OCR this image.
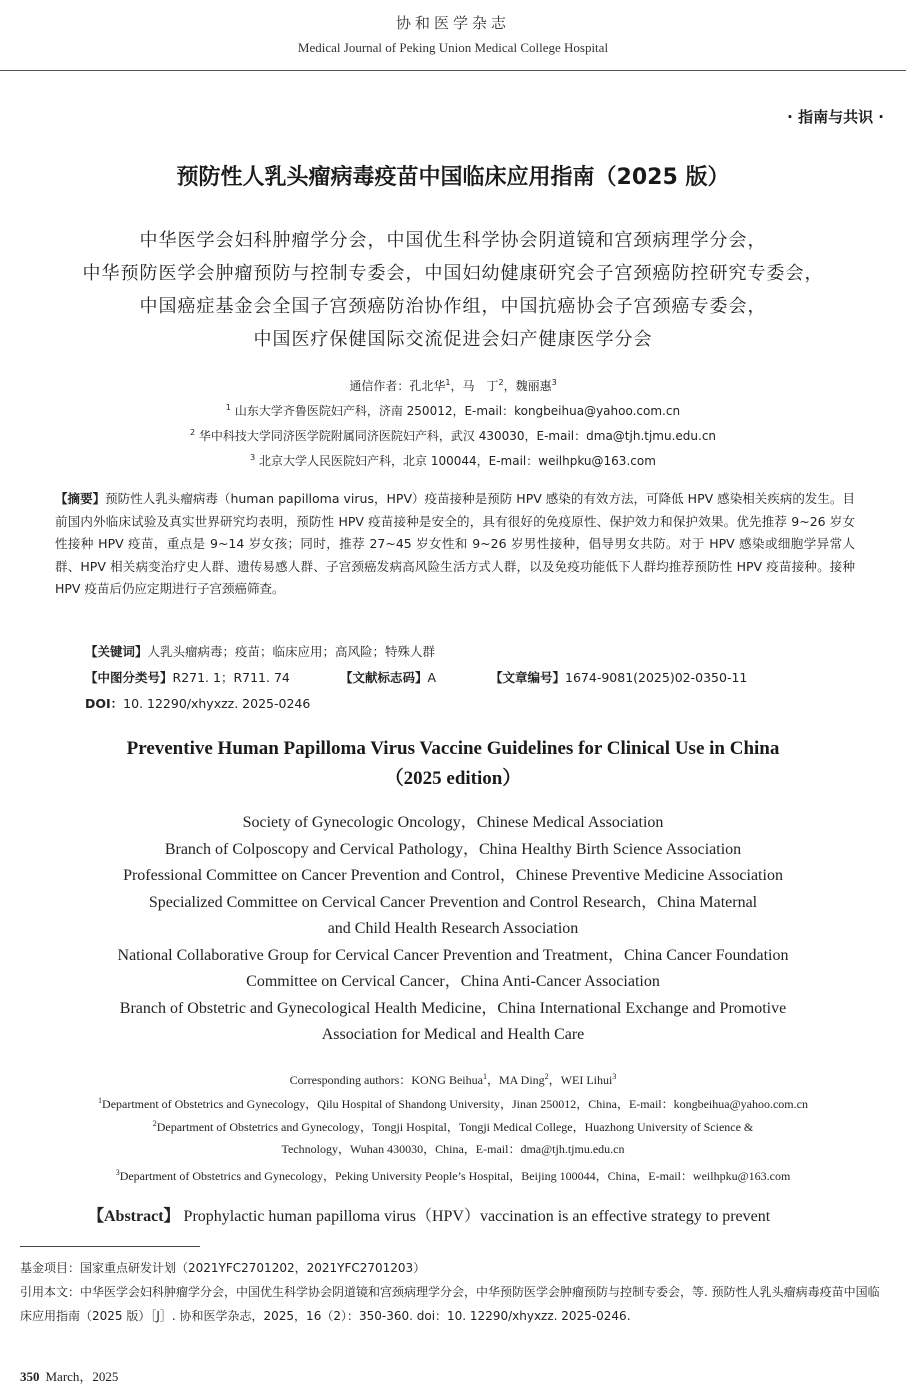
协和医学杂志
Medical Journal of Peking Union Medical College Hospital
· 指南与共识 ·
预防性人乳头瘤病毒疫苗中国临床应用指南（2025 版）
中华医学会妇科肿瘤学分会，中国优生科学协会阴道镜和宫颈病理学分会，
中华预防医学会肿瘤预防与控制专委会，中国妇幼健康研究会子宫颈癌防控研究专委会，
中国癌症基金会全国子宫颈癌防治协作组，中国抗癌协会子宫颈癌专委会，
中国医疗保健国际交流促进会妇产健康医学分会
通信作者：孔北华$^1$，马　丁$^2$，魏丽惠$^3$
$^1$ 山东大学齐鲁医院妇产科，济南 250012，E-mail：kongbeihua@yahoo.com.cn
$^2$ 华中科技大学同济医学院附属同济医院妇产科，武汉 430030，E-mail：dma@tjh.tjmu.edu.cn
$^3$ 北京大学人民医院妇产科，北京 100044，E-mail：weilhpku@163.com
【摘要】预防性人乳头瘤病毒（human papilloma virus，HPV）疫苗接种是预防 HPV 感染的有效方法，可降低 HPV 感染相关疾病的发生。目前国内外临床试验及真实世界研究均表明，预防性 HPV 疫苗接种是安全的，具有很好的免疫原性、保护效力和保护效果。优先推荐 9~26 岁女性接种 HPV 疫苗，重点是 9~14 岁女孩；同时，推荐 27~45 岁女性和 9~26 岁男性接种，倡导男女共防。对于 HPV 感染或细胞学异常人群、HPV 相关病变治疗史人群、遗传易感人群、子宫颈癌发病高风险生活方式人群，以及免疫功能低下人群均推荐预防性 HPV 疫苗接种。接种 HPV 疫苗后仍应定期进行子宫颈癌筛查。
【关键词】人乳头瘤病毒；疫苗；临床应用；高风险；特殊人群
【中图分类号】R271. 1；R711. 74	【文献标志码】A	【文章编号】1674-9081(2025)02-0350-11
DOI：10. 12290/xhyxzz. 2025-0246
Preventive Human Papilloma Virus Vaccine Guidelines for Clinical Use in China
（2025 edition）
Society of Gynecologic Oncology，Chinese Medical Association
Branch of Colposcopy and Cervical Pathology，China Healthy Birth Science Association
Professional Committee on Cancer Prevention and Control，Chinese Preventive Medicine Association
Specialized Committee on Cervical Cancer Prevention and Control Research，China Maternal
and Child Health Research Association
National Collaborative Group for Cervical Cancer Prevention and Treatment，China Cancer Foundation
Committee on Cervical Cancer，China Anti-Cancer Association
Branch of Obstetric and Gynecological Health Medicine，China International Exchange and Promotive
Association for Medical and Health Care
Corresponding authors：KONG Beihua$^1$，MA Ding$^2$，WEI Lihui$^3$
$^1$Department of Obstetrics and Gynecology，Qilu Hospital of Shandong University，Jinan 250012，China，E-mail：kongbeihua@yahoo.com.cn
$^2$Department of Obstetrics and Gynecology，Tongji Hospital，Tongji Medical College，Huazhong University of Science &
Technology，Wuhan 430030，China，E-mail：dma@tjh.tjmu.edu.cn
$^3$Department of Obstetrics and Gynecology，Peking University People’s Hospital，Beijing 100044，China，E-mail：weilhpku@163.com
【Abstract】 Prophylactic human papilloma virus（HPV）vaccination is an effective strategy to prevent
基金项目：国家重点研发计划（2021YFC2701202，2021YFC2701203）
引用本文：中华医学会妇科肿瘤学分会，中国优生科学协会阴道镜和宫颈病理学分会，中华预防医学会肿瘤预防与控制专委会，等. 预防性人乳头瘤病毒疫苗中国临床应用指南（2025 版）［J］. 协和医学杂志，2025，16（2）：350-360. doi：10. 12290/xhyxzz. 2025-0246.
350 March，2025
